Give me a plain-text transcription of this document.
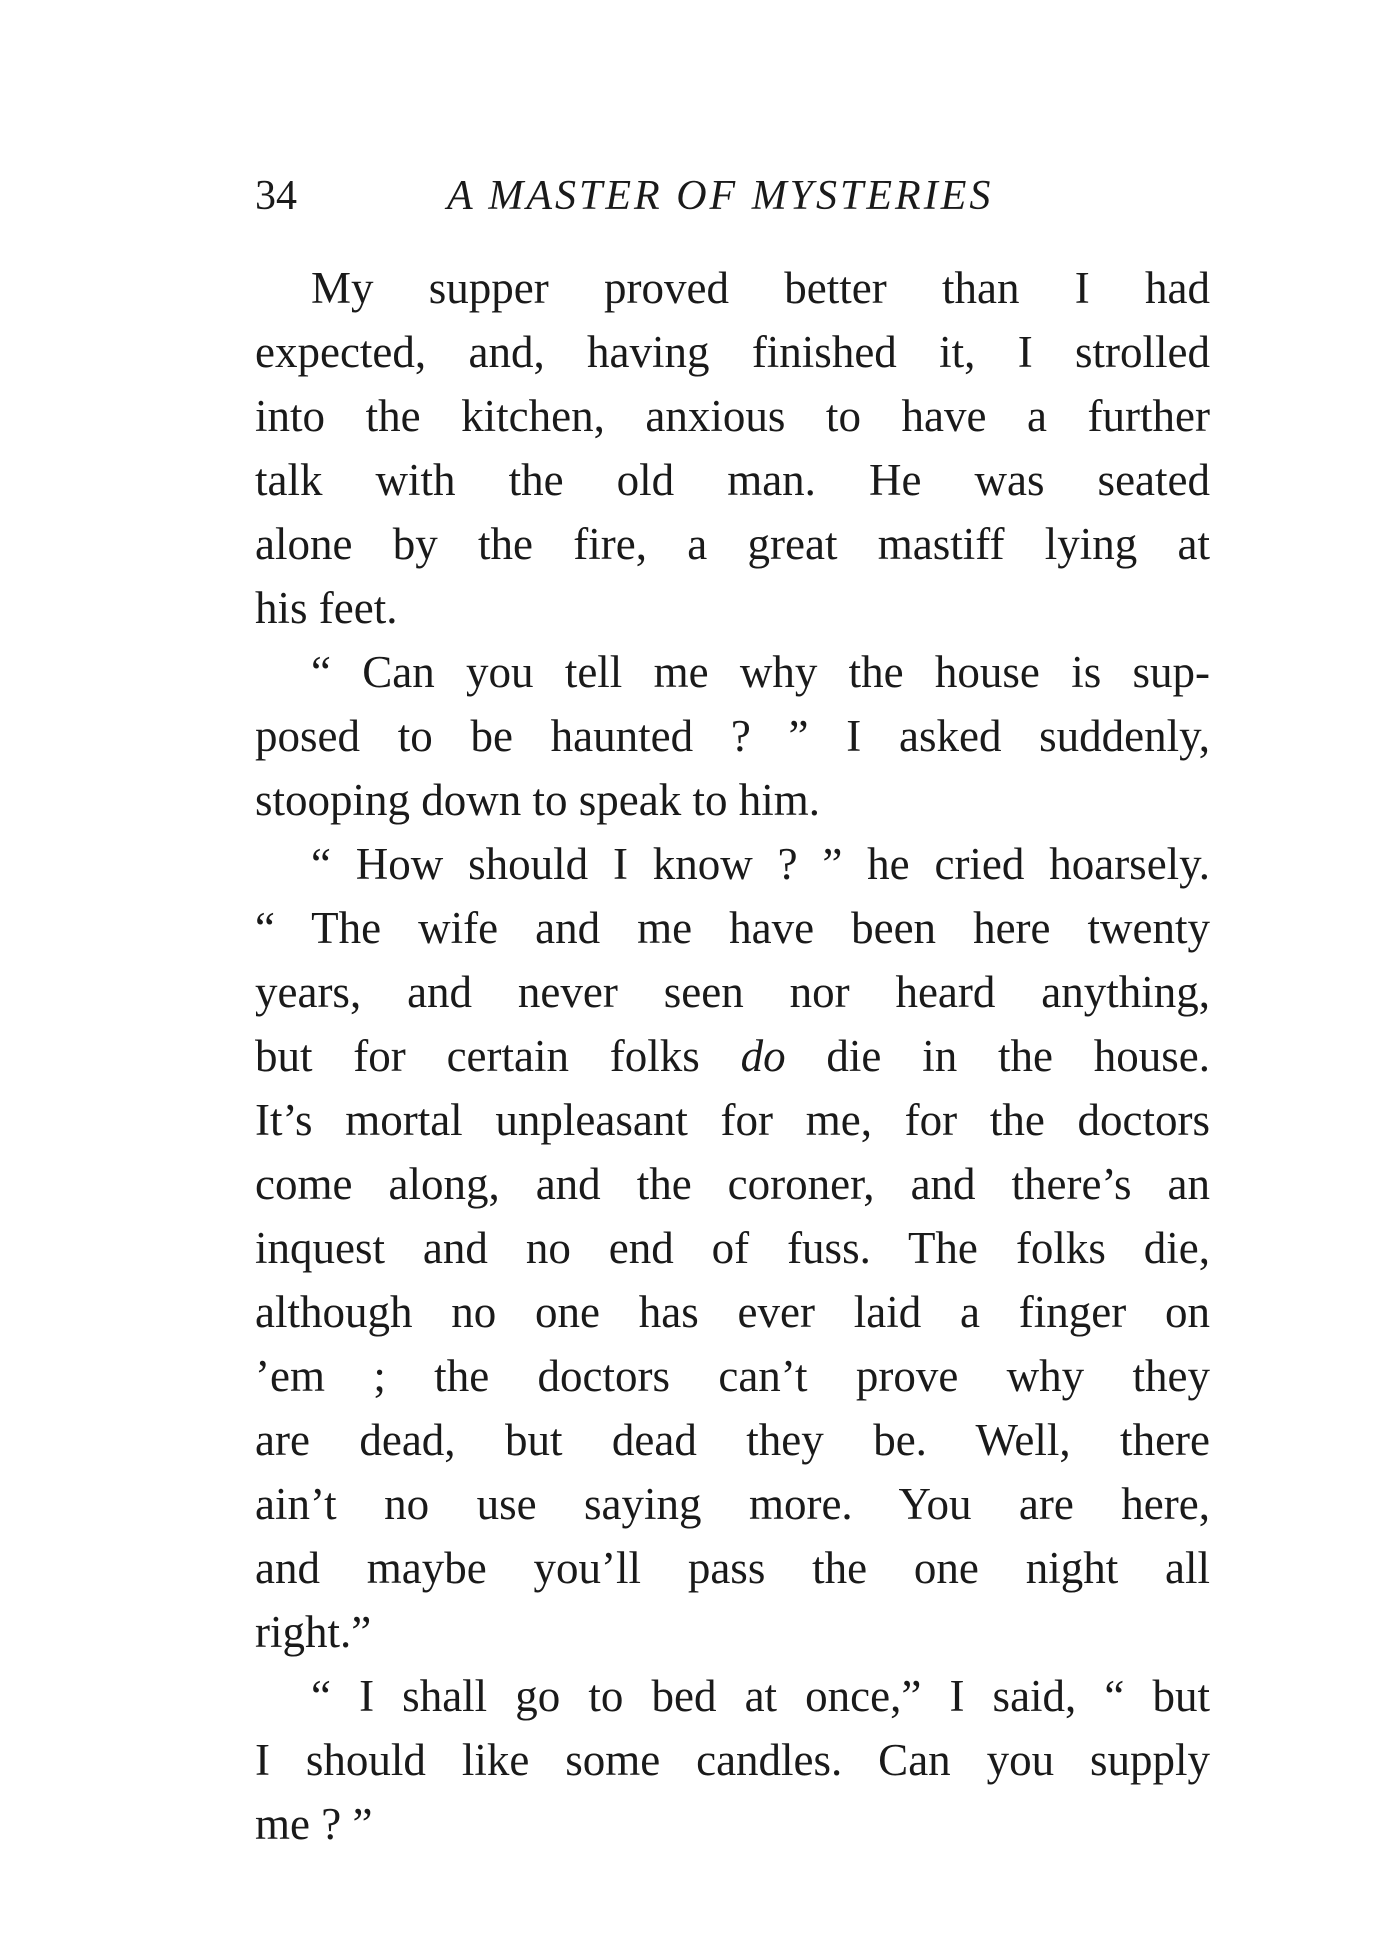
34	A MASTER OF MYSTERIES
My supper proved better than I had
expected, and, having finished it, I strolled
into the kitchen, anxious to have a further
talk with the old man. He was seated
alone by the fire, a great mastiff lying at
his feet.
“ Can you tell me why the house is sup-
posed to be haunted ? ” I asked suddenly,
stooping down to speak to him.
“ How should I know ? ” he cried hoarsely.
“ The wife and me have been here twenty
years, and never seen nor heard anything,
but for certain folks do die in the house.
It’s mortal unpleasant for me, for the doctors
come along, and the coroner, and there’s an
inquest and no end of fuss. The folks die,
although no one has ever laid a finger on
’em ; the doctors can’t prove why they
are dead, but dead they be. Well, there
ain’t no use saying more. You are here,
and maybe you’ll pass the one night all
right.”
“ I shall go to bed at once,” I said, “ but
I should like some candles. Can you supply
me ? ”
